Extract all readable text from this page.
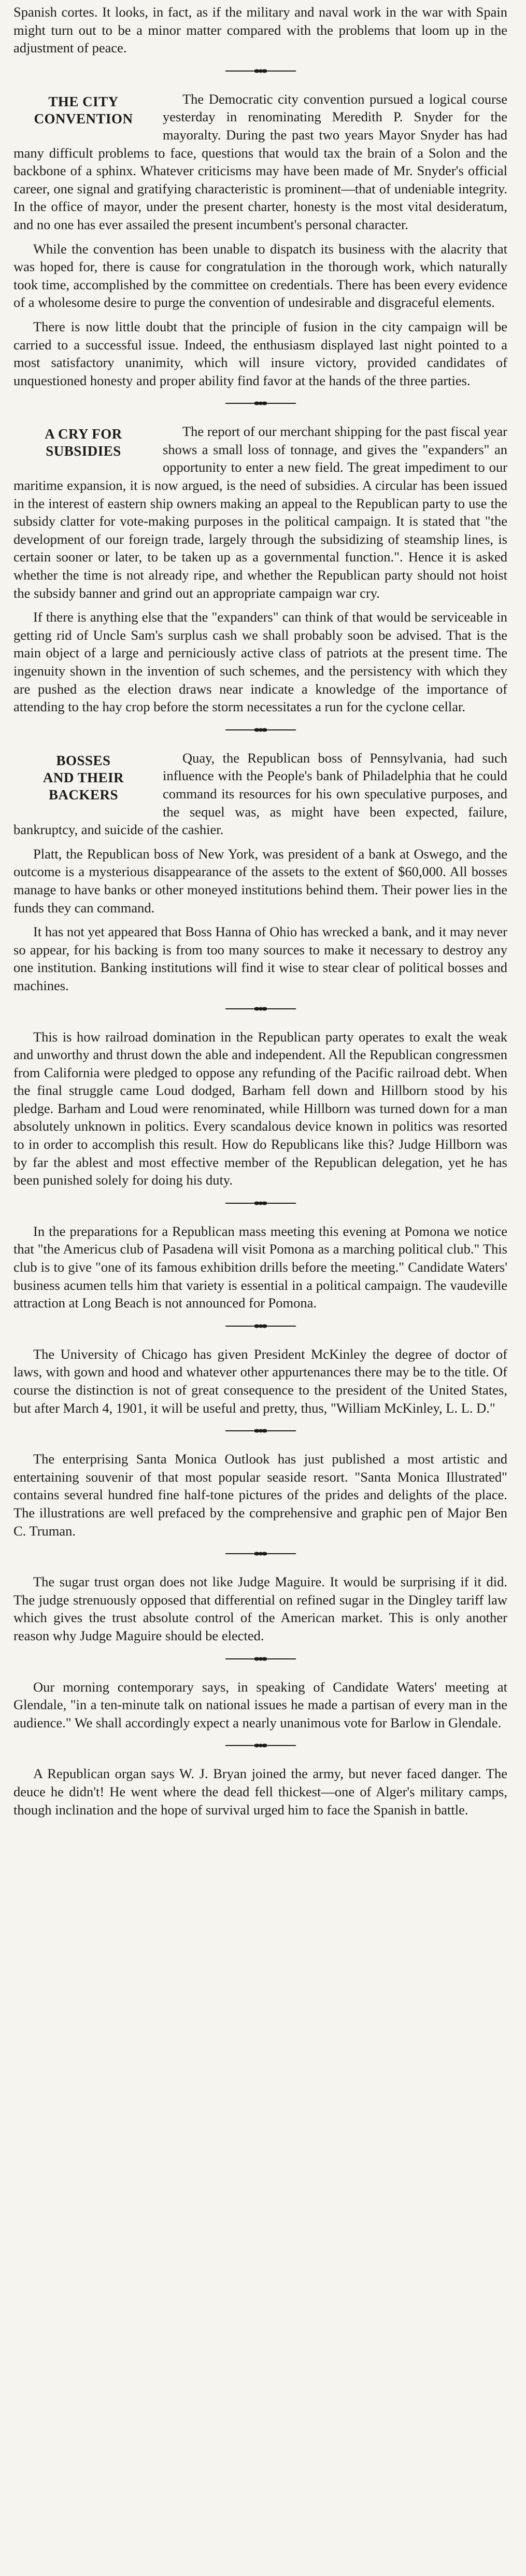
Spanish cortes. It looks, in fact, as if the military and naval work in the war with Spain might turn out to be a minor matter compared with the problems that loom up in the adjustment of peace.

THE CITY
CONVENTION

The Democratic city convention pursued a logical course yesterday in renominating Meredith P. Snyder for the mayoralty. During the past two years Mayor Snyder has had many difficult problems to face, questions that would tax the brain of a Solon and the backbone of a sphinx. Whatever criticisms may have been made of Mr. Snyder's official career, one signal and gratifying characteristic is prominent—that of undeniable integrity. In the office of mayor, under the present charter, honesty is the most vital desideratum, and no one has ever assailed the present incumbent's personal character.

While the convention has been unable to dispatch its business with the alacrity that was hoped for, there is cause for congratulation in the thorough work, which naturally took time, accomplished by the committee on credentials. There has been every evidence of a wholesome desire to purge the convention of undesirable and disgraceful elements.

There is now little doubt that the principle of fusion in the city campaign will be carried to a successful issue. Indeed, the enthusiasm displayed last night pointed to a most satisfactory unanimity, which will insure victory, provided candidates of unquestioned honesty and proper ability find favor at the hands of the three parties.

A CRY FOR
SUBSIDIES

The report of our merchant shipping for the past fiscal year shows a small loss of tonnage, and gives the "expanders" an opportunity to enter a new field. The great impediment to our maritime expansion, it is now argued, is the need of subsidies. A circular has been issued in the interest of eastern ship owners making an appeal to the Republican party to use the subsidy clatter for vote-making purposes in the political campaign. It is stated that "the development of our foreign trade, largely through the subsidizing of steamship lines, is certain sooner or later, to be taken up as a governmental function.". Hence it is asked whether the time is not already ripe, and whether the Republican party should not hoist the subsidy banner and grind out an appropriate campaign war cry.

If there is anything else that the "expanders" can think of that would be serviceable in getting rid of Uncle Sam's surplus cash we shall probably soon be advised. That is the main object of a large and perniciously active class of patriots at the present time. The ingenuity shown in the invention of such schemes, and the persistency with which they are pushed as the election draws near indicate a knowledge of the importance of attending to the hay crop before the storm necessitates a run for the cyclone cellar.

BOSSES
AND THEIR
BACKERS

Quay, the Republican boss of Pennsylvania, had such influence with the People's bank of Philadelphia that he could command its resources for his own speculative purposes, and the sequel was, as might have been expected, failure, bankruptcy, and suicide of the cashier.

Platt, the Republican boss of New York, was president of a bank at Oswego, and the outcome is a mysterious disappearance of the assets to the extent of $60,000. All bosses manage to have banks or other moneyed institutions behind them. Their power lies in the funds they can command.

It has not yet appeared that Boss Hanna of Ohio has wrecked a bank, and it may never so appear, for his backing is from too many sources to make it necessary to destroy any one institution. Banking institutions will find it wise to stear clear of political bosses and machines.

This is how railroad domination in the Republican party operates to exalt the weak and unworthy and thrust down the able and independent. All the Republican congressmen from California were pledged to oppose any refunding of the Pacific railroad debt. When the final struggle came Loud dodged, Barham fell down and Hillborn stood by his pledge. Barham and Loud were renominated, while Hillborn was turned down for a man absolutely unknown in politics. Every scandalous device known in politics was resorted to in order to accomplish this result. How do Republicans like this? Judge Hillborn was by far the ablest and most effective member of the Republican delegation, yet he has been punished solely for doing his duty.

In the preparations for a Republican mass meeting this evening at Pomona we notice that "the Americus club of Pasadena will visit Pomona as a marching political club." This club is to give "one of its famous exhibition drills before the meeting." Candidate Waters' business acumen tells him that variety is essential in a political campaign. The vaudeville attraction at Long Beach is not announced for Pomona.

The University of Chicago has given President McKinley the degree of doctor of laws, with gown and hood and whatever other appurtenances there may be to the title. Of course the distinction is not of great consequence to the president of the United States, but after March 4, 1901, it will be useful and pretty, thus, "William McKinley, L. L. D."

The enterprising Santa Monica Outlook has just published a most artistic and entertaining souvenir of that most popular seaside resort. "Santa Monica Illustrated" contains several hundred fine half-tone pictures of the prides and delights of the place. The illustrations are well prefaced by the comprehensive and graphic pen of Major Ben C. Truman.

The sugar trust organ does not like Judge Maguire. It would be surprising if it did. The judge strenuously opposed that differential on refined sugar in the Dingley tariff law which gives the trust absolute control of the American market. This is only another reason why Judge Maguire should be elected.

Our morning contemporary says, in speaking of Candidate Waters' meeting at Glendale, "in a ten-minute talk on national issues he made a partisan of every man in the audience." We shall accordingly expect a nearly unanimous vote for Barlow in Glendale.

A Republican organ says W. J. Bryan joined the army, but never faced danger. The deuce he didn't! He went where the dead fell thickest—one of Alger's military camps, though inclination and the hope of survival urged him to face the Spanish in battle.
